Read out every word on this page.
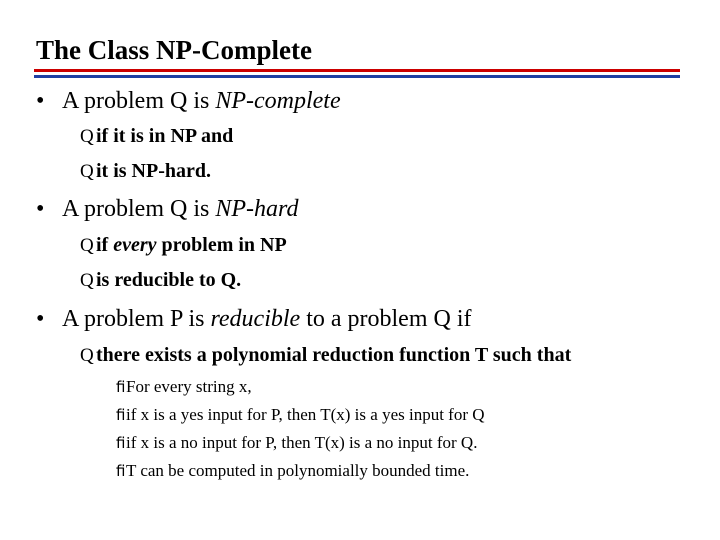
The Class NP-Complete
• A problem Q is NP-complete
Q if it is in NP and
Q it is NP-hard.
• A problem Q is NP-hard
Q if every problem in NP
Q is reducible to Q.
• A problem P is reducible to a problem Q if
Q there exists a polynomial reduction function T such that
ﬁFor every string x,
ﬁif x is a yes input for P, then T(x) is a yes input for Q
ﬁif x is a no input for P, then T(x) is a no input for Q.
ﬁT can be computed in polynomially bounded time.
